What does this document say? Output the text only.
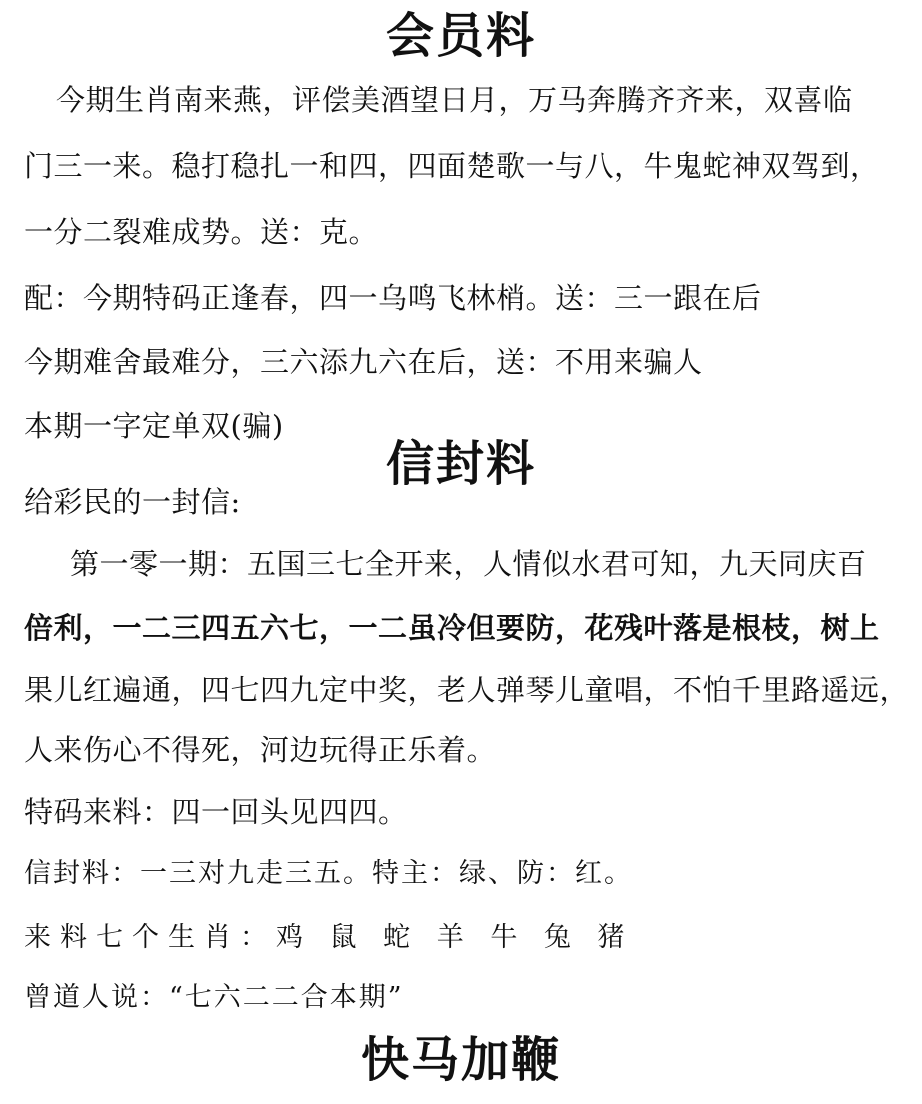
会员料
今期生肖南来燕，评偿美酒望日月，万马奔腾齐齐来，双喜临
门三一来。稳打稳扎一和四，四面楚歌一与八，牛鬼蛇神双驾到，
一分二裂难成势。送：克。
配：今期特码正逢春，四一乌鸣飞林梢。送：三一跟在后
今期难舍最难分，三六添九六在后，送：不用来骗人
本期一字定单双(骗)
信封料
给彩民的一封信:
第一零一期：五国三七全开来，人情似水君可知，九天同庆百
倍利，一二三四五六七，一二虽冷但要防，花残叶落是根枝，树上
果儿红遍通，四七四九定中奖，老人弹琴儿童唱，不怕千里路遥远，
人来伤心不得死，河边玩得正乐着。
特码来料：四一回头见四四。
信封料：一三对九走三五。特主：绿、防：红。
来料七个生肖：鸡 鼠 蛇 羊 牛 兔 猪
曾道人说：“七六二二合本期”
快马加鞭
